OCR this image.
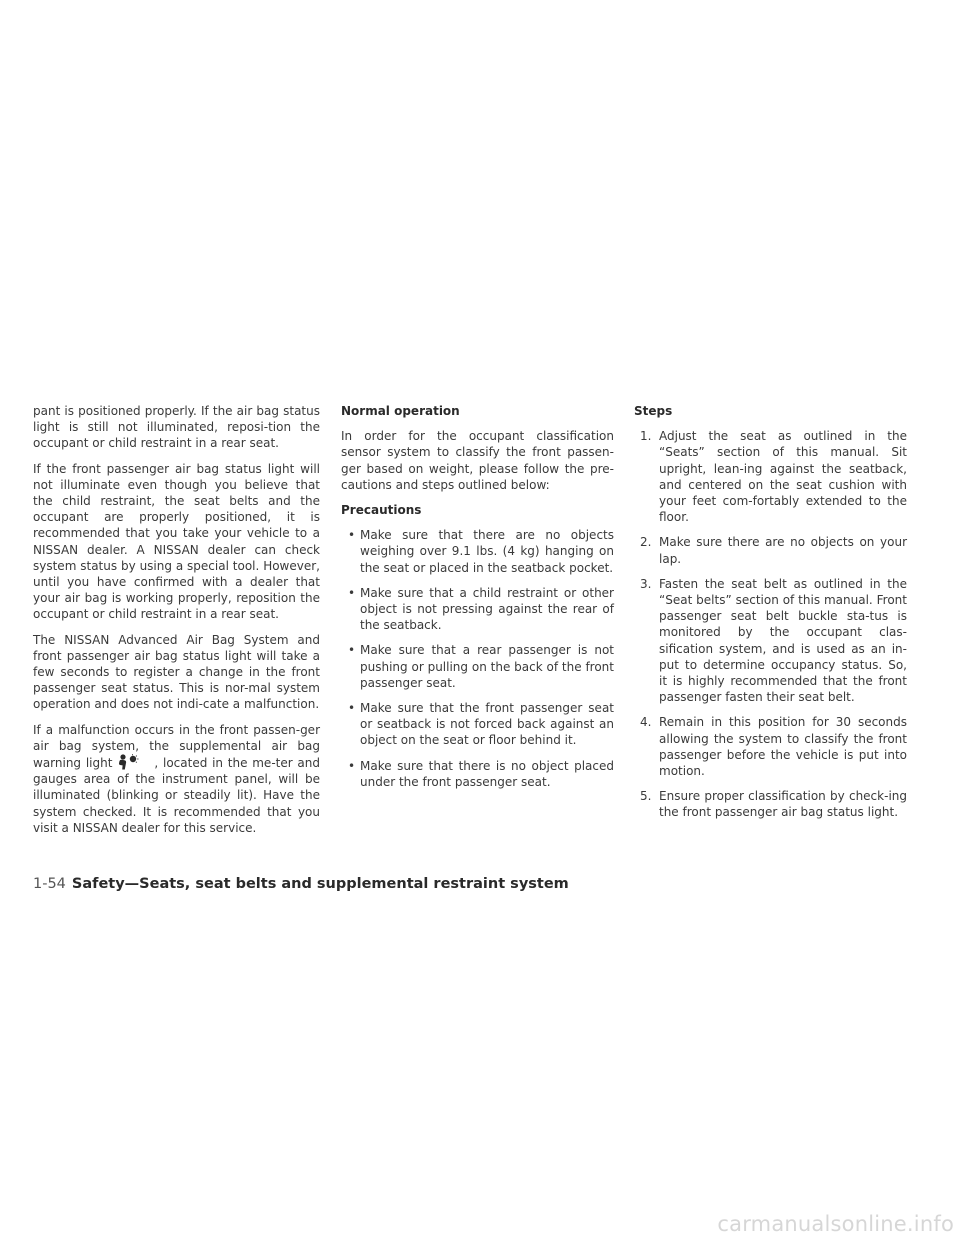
pant is positioned properly. If the air bag status light is still not illuminated, reposi-tion the occupant or child restraint in a rear seat.

If the front passenger air bag status light will not illuminate even though you believe that the child restraint, the seat belts and the occupant are properly positioned, it is recommended that you take your vehicle to a NISSAN dealer. A NISSAN dealer can check system status by using a special tool. However, until you have confirmed with a dealer that your air bag is working properly, reposition the occupant or child restraint in a rear seat.

The NISSAN Advanced Air Bag System and front passenger air bag status light will take a few seconds to register a change in the front passenger seat status. This is nor-mal system operation and does not indi-cate a malfunction.

If a malfunction occurs in the front passen-ger air bag system, the supplemental air bag warning light	, located in the me-ter and gauges area of the instrument panel, will be illuminated (blinking or steadily lit). Have the system checked. It is recommended that you visit a NISSAN dealer for this service.

Normal operation

In order for the occupant classification sensor system to classify the front passen-ger based on weight, please follow the pre-cautions and steps outlined below:

Precautions
• Make sure that there are no objects weighing over 9.1 lbs. (4 kg) hanging on the seat or placed in the seatback pocket.
• Make sure that a child restraint or other object is not pressing against the rear of the seatback.
• Make sure that a rear passenger is not pushing or pulling on the back of the front passenger seat.
• Make sure that the front passenger seat or seatback is not forced back against an object on the seat or floor behind it.
• Make sure that there is no object placed under the front passenger seat.
Steps
1. Adjust the seat as outlined in the “Seats” section of this manual. Sit upright, lean-ing against the seatback, and centered on the seat cushion with your feet com-fortably extended to the floor.
2. Make sure there are no objects on your lap.
3. Fasten the seat belt as outlined in the “Seat belts” section of this manual. Front passenger seat belt buckle sta-tus is monitored by the occupant clas-sification system, and is used as an in-put to determine occupancy status. So, it is highly recommended that the front passenger fasten their seat belt.
4. Remain in this position for 30 seconds allowing the system to classify the front passenger before the vehicle is put into motion.
5. Ensure proper classification by check-ing the front passenger air bag status light.
1-54 Safety—Seats, seat belts and supplemental restraint system
carmanualsonline.info
